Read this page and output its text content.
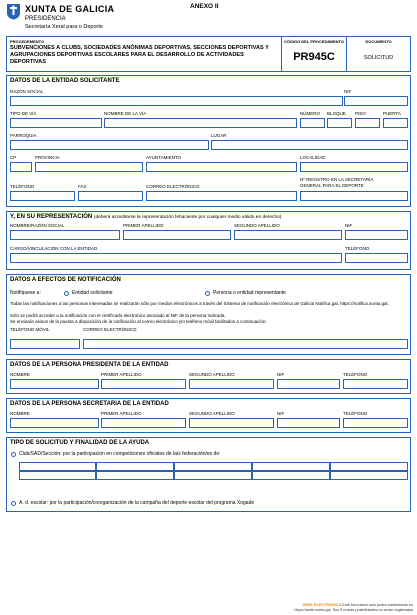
XUNTA DE GALICIA
PRESIDENCIA
Secretaría Xeral para o Deporte
ANEXO II
PROCEDEMENTO
SUBVENCIONES A CLUBS, SOCIEDADES ANÓNIMAS DEPORTIVAS, SECCIONES DEPORTIVAS Y AGRUPACIONES DEPORTIVAS ESCOLARES PARA EL DESARROLLO DE ACTIVIDADES DEPORTIVAS
CÓDIGO DEL PROCEDIMIENTO
PR945C
DOCUMENTO
SOLICITUD
DATOS DE LA ENTIDAD SOLICITANTE
RAZÓN SOCIAL	NIF
TIPO DE VÍA	NOMBRE DE LA VÍA	NÚMERO BLOQUE PISO	PUERTA
PARROQUIA	LUGAR
CP	PROVINCIA	AYUNTAMIENTO	LOCALIDAD
TELÉFONO	FAX	CORREO ELECTRÓNICO
Nº REGISTRO EN LA SECRETARÍA
GENERAL PARA EL DEPORTE
Y, EN SU REPRESENTACIÓN (deberá acreditarse la representación fehaciente por cualquier medio válido en derecho)
NOMBRE/RAZÓN SOCIAL	PRIMER APELLIDO	SEGUNDO APELLIDO	NIF
CARGO/VINCULACIÓN CON LA ENTIDAD	TELÉFONO
DATOS A EFECTOS DE NOTIFICACIÓN
Notifíquese a:	Entidad solicitante	Persona o entidad representante
Todas las notificaciones a las personas interesadas se realizarán sólo por medios electrónicos a través del Sistema de notificación electrónica de Galicia Notifica.gal, https://notifica.xunta.gal.
Sólo se podrá acceder a la notificación con el certificado electrónico asociado al NIF de la persona indicada.
Se enviarán avisos de la puesta a disposición de la notificación al correo electrónico y/o teléfono móvil facilitados a continuación:
TELÉFONO MÓVIL	CORREO ELECTRÓNICO
DATOS DE LA PERSONA PRESIDENTA DE LA ENTIDAD
NOMBRE	PRIMER APELLIDO	SEGUNDO APELLIDO	NIF	TELÉFONO
DATOS DE LA PERSONA SECRETARIA DE LA ENTIDAD
NOMBRE	PRIMER APELLIDO	SEGUNDO APELLIDO	NIF	TELÉFONO
TIPO DE SOLICITUD Y FINALIDAD DE LA AYUDA
Club/SAD/Sección: por la participación en competiciones oficiales de la/s federación/es de:
A. d. escolar: por la participación/coorganización de la campaña del deporte escolar del programa Xogade
SEDE ELECTRÓNICA Este formulario sólo podrá presentarse en
https://sede.xunta.gal. Sus 5 únicas posibilidades no serán registradas
